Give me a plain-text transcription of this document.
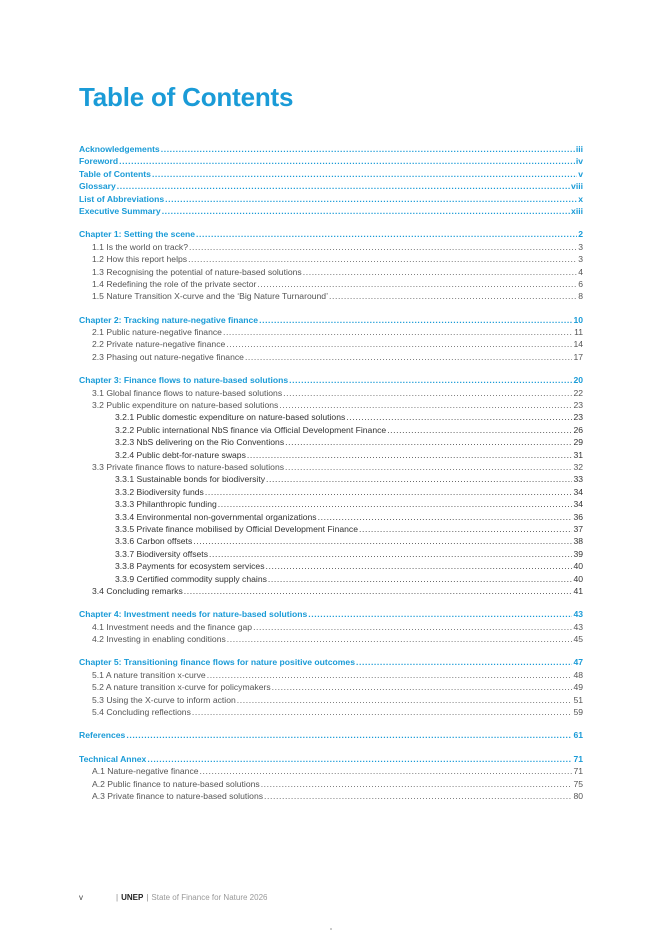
Table of Contents
Acknowledgements .....	iii
Foreword .....	iv
Table of Contents .....	v
Glossary .....	viii
List of Abbreviations .....	x
Executive Summary .....	xiii
Chapter 1: Setting the scene .....	2
1.1 Is the world on track? .....	3
1.2 How this report helps .....	3
1.3 Recognising the potential of nature-based solutions .....	4
1.4 Redefining the role of the private sector .....	6
1.5 Nature Transition X-curve and the ‘Big Nature Turnaround’ .....	8
Chapter 2: Tracking nature-negative finance .....	10
2.1 Public nature-negative finance .....	11
2.2 Private nature-negative finance .....	14
2.3 Phasing out nature-negative finance .....	17
Chapter 3: Finance flows to nature-based solutions .....	20
3.1 Global finance flows to nature-based solutions .....	22
3.2 Public expenditure on nature-based solutions .....	23
3.2.1 Public domestic expenditure on nature-based solutions .....	23
3.2.2 Public international NbS finance via Official Development Finance .....	26
3.2.3 NbS delivering on the Rio Conventions .....	29
3.2.4 Public debt-for-nature swaps .....	31
3.3 Private finance flows to nature-based solutions .....	32
3.3.1 Sustainable bonds for biodiversity .....	33
3.3.2 Biodiversity funds .....	34
3.3.3 Philanthropic funding .....	34
3.3.4 Environmental non-governmental organizations .....	36
3.3.5 Private finance mobilised by Official Development Finance .....	37
3.3.6 Carbon offsets .....	38
3.3.7 Biodiversity offsets .....	39
3.3.8 Payments for ecosystem services .....	40
3.3.9 Certified commodity supply chains .....	40
3.4 Concluding remarks .....	41
Chapter 4: Investment needs for nature-based solutions .....	43
4.1 Investment needs and the finance gap .....	43
4.2 Investing in enabling conditions .....	45
Chapter 5: Transitioning finance flows for nature positive outcomes .....	47
5.1 A nature transition x-curve .....	48
5.2 A nature transition x-curve for policymakers .....	49
5.3 Using the X-curve to inform action .....	51
5.4 Concluding reflections .....	59
References .....	61
Technical Annex .....	71
A.1 Nature-negative finance .....	71
A.2 Public finance to nature-based solutions .....	75
A.3 Private finance to nature-based solutions .....	80
v	| UNEP | State of Finance for Nature 2026
